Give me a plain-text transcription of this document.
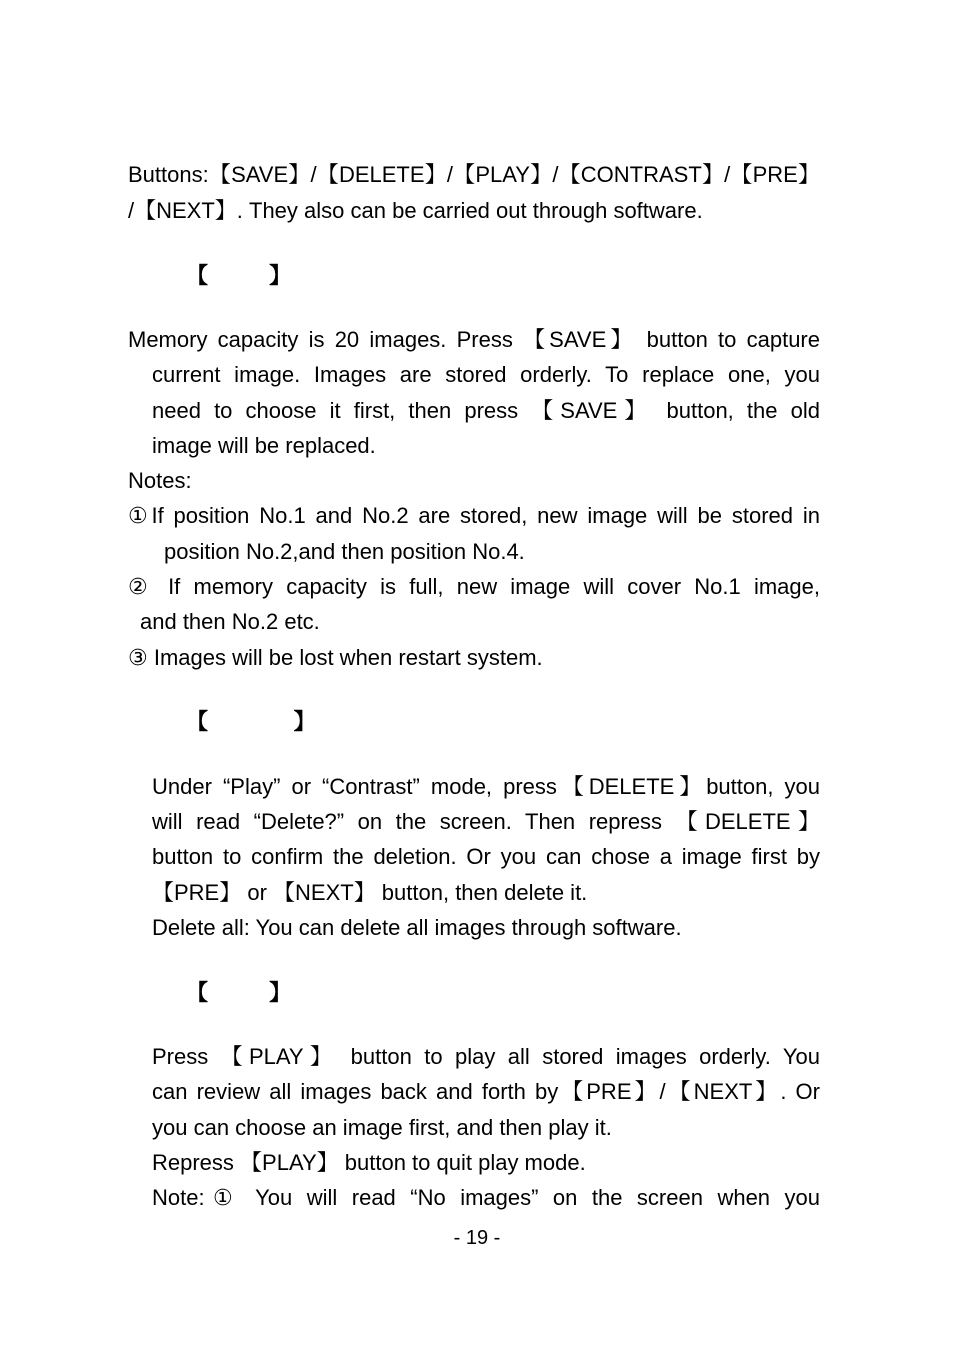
Buttons:【SAVE】/【DELETE】/【PLAY】/【CONTRAST】/【PRE】
/【NEXT】. They also can be carried out through software.
【          】
Memory capacity is 20 images. Press 【SAVE】 button to capture
current image. Images are stored orderly. To replace one, you
need to choose it first, then press 【SAVE】 button, the old
image will be replaced.
Notes:
①If position No.1 and No.2 are stored, new image will be stored in
position No.2,and then position No.4.
② If memory capacity is full, new image will cover No.1 image,
and then No.2 etc.
③ Images will be lost when restart system.
【              】
Under “Play” or “Contrast” mode, press【DELETE】button, you
will read “Delete?” on the screen. Then repress 【DELETE】
button to confirm the deletion. Or you can chose a image first by
【PRE】 or 【NEXT】 button, then delete it.
Delete all: You can delete all images through software.
【          】
Press 【PLAY】 button to play all stored images orderly. You
can review all images back and forth by【PRE】/【NEXT】. Or
you can choose an image first, and then play it.
Repress 【PLAY】 button to quit play mode.
Note:① You will read “No images” on the screen when you
- 19 -
